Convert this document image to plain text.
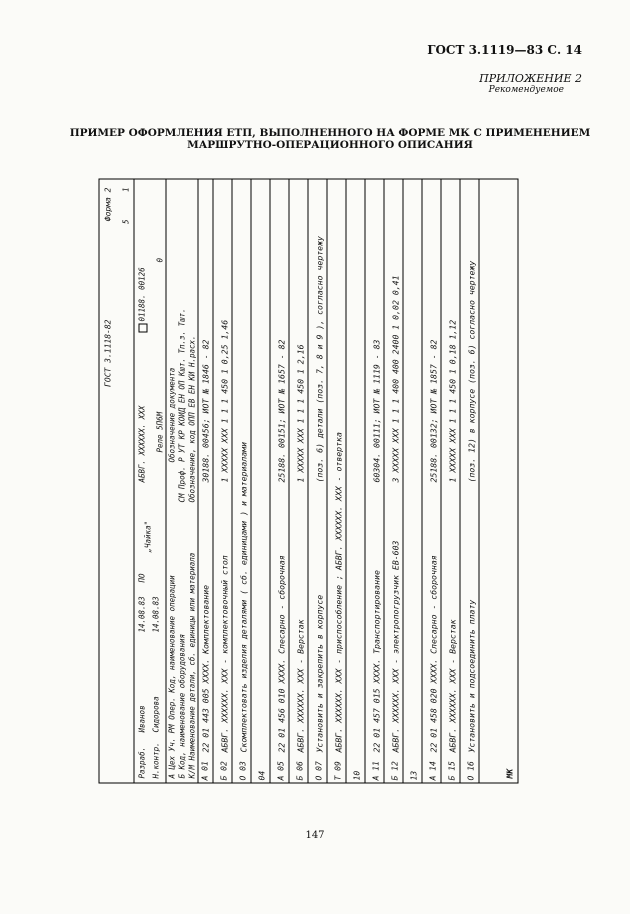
ГОСТ 3.1119—83 С. 14
ПРИЛОЖЕНИЕ 2
Рекомендуемое
ПРИМЕР ОФОРМЛЕНИЯ ЕТП, ВЫПОЛНЕННОГО НА ФОРМЕ МК С ПРИМЕНЕНИЕМ
МАРШРУТНО-ОПЕРАЦИОННОГО ОПИСАНИЯ
ГОСТ 3.1118-82
Форма 2
5
1
Разраб.
Иванов
14.08.83
ПО
„Чайка"
АБВГ. ХХХХХХ. ХХХ
01188. 00126
Н.контр.
Сидорова
14.08.83
Реле 5П6М
0
А Цех Уч. РМ Опер. Код, наименование операции
Обозначение документа
Б Код, наименование оборудования
СМ Проф. Р УТ КР КОИД ЕН ОП Кшт. Тп.з. Тшт.
К/М Наименование детали, сб. единицы или материала
Обозначение, код ОПП ЕВ ЕН КИ Н.расх.
А 01
22 01 443 005 ХХХХ. Комплектование
30188. 00456; ИОТ № 1846 - 82
Б 02
АБВГ. ХХХХХХ. ХХХ - комплектовочный стол
1 ХХХХХ ХХХ 1 1 1 450 1 0,25 1,46
О 03
Скомплектовать изделия деталями ( сб. единицами ) и материалами
04 А 05
22 01 456 010 ХХХХ. Слесарно - сборочная
25188. 00151; ИОТ № 1657 - 82
Б 06
АБВГ. ХХХХХХ. ХХХ - Верстак
1 ХХХХХ ХХХ 1 1 1 450 1 2,16
О 07
Установить и закрепить в корпусе
(поз. 6) детали (поз. 7, 8 и 9 ), согласно чертежу
Т 09
АБВГ. ХХХХХХ. ХХХ - приспособление ; АБВГ. ХХХХХХ. ХХХ - отвертка
10 А 11
22 01 457 015 ХХХХ. Транспортирование
60304. 00111; ИОТ № 1119 - 83
Б 12
АБВГ. ХХХХХХ. ХХХ - электропогрузчик ЕВ-603
3 ХХХХХ ХХХ 1 1 1 400 400 2400 1 0,02 0,41
13 А 14
22 01 458 020 ХХХХ. Слесарно - сборочная
25188. 00132; ИОТ № 1857 - 82
Б 15
АБВГ. ХХХХХХ. ХХХ - Верстак
1 ХХХХХ ХХХ 1 1 1 450 1 0,18 1,12
О 16
Установить и подсоединить плату
(поз. 12) в корпусе (поз. 6) согласно чертежу
МК
147
